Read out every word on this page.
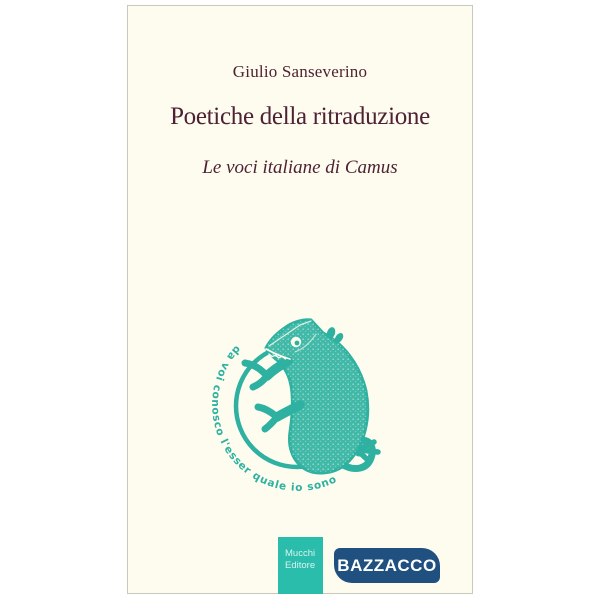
Giulio Sanseverino
Poetiche della ritraduzione
Le voci italiane di Camus
da voi conosco l'esser quale io sono
Mucchi
Editore	BAZZACCO
